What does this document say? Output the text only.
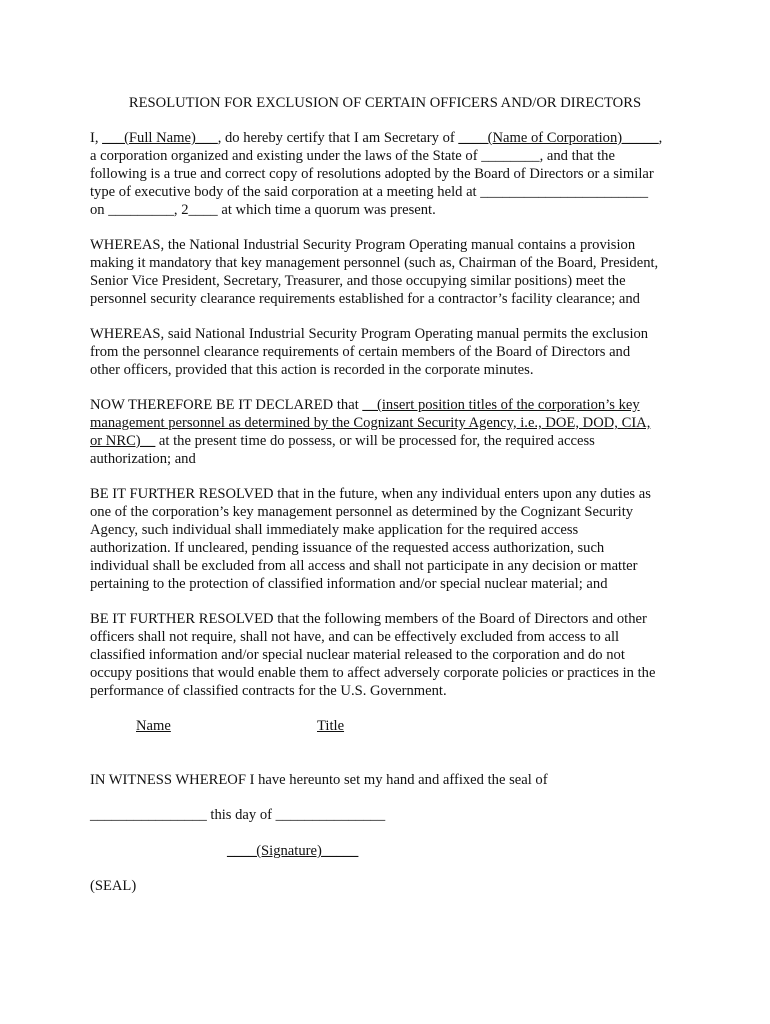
RESOLUTION FOR EXCLUSION OF CERTAIN OFFICERS AND/OR DIRECTORS
I, ___(Full Name)___, do hereby certify that I am Secretary of ____(Name of Corporation)_____,
a corporation organized and existing under the laws of the State of ________, and that the
following is a true and correct copy of resolutions adopted by the Board of Directors or a similar
type of executive body of the said corporation at a meeting held at _______________________
on _________, 2____ at which time a quorum was present.
WHEREAS, the National Industrial Security Program Operating manual contains a provision
making it mandatory that key management personnel (such as, Chairman of the Board, President,
Senior Vice President, Secretary, Treasurer, and those occupying similar positions) meet the
personnel security clearance requirements established for a contractor’s facility clearance; and
WHEREAS, said National Industrial Security Program Operating manual permits the exclusion
from the personnel clearance requirements of certain members of the Board of Directors and
other officers, provided that this action is recorded in the corporate minutes.
NOW THEREFORE BE IT DECLARED that __(insert position titles of the corporation’s key
management personnel as determined by the Cognizant Security Agency, i.e., DOE, DOD, CIA,
or NRC)__ at the present time do possess, or will be processed for, the required access
authorization; and
BE IT FURTHER RESOLVED that in the future, when any individual enters upon any duties as
one of the corporation’s key management personnel as determined by the Cognizant Security
Agency, such individual shall immediately make application for the required access
authorization. If uncleared, pending issuance of the requested access authorization, such
individual shall be excluded from all access and shall not participate in any decision or matter
pertaining to the protection of classified information and/or special nuclear material; and
BE IT FURTHER RESOLVED that the following members of the Board of Directors and other
officers shall not require, shall not have, and can be effectively excluded from access to all
classified information and/or special nuclear material released to the corporation and do not
occupy positions that would enable them to affect adversely corporate policies or practices in the
performance of classified contracts for the U.S. Government.
Name	Title
IN WITNESS WHEREOF I have hereunto set my hand and affixed the seal of
________________ this day of _______________
____(Signature)_____
(SEAL)
